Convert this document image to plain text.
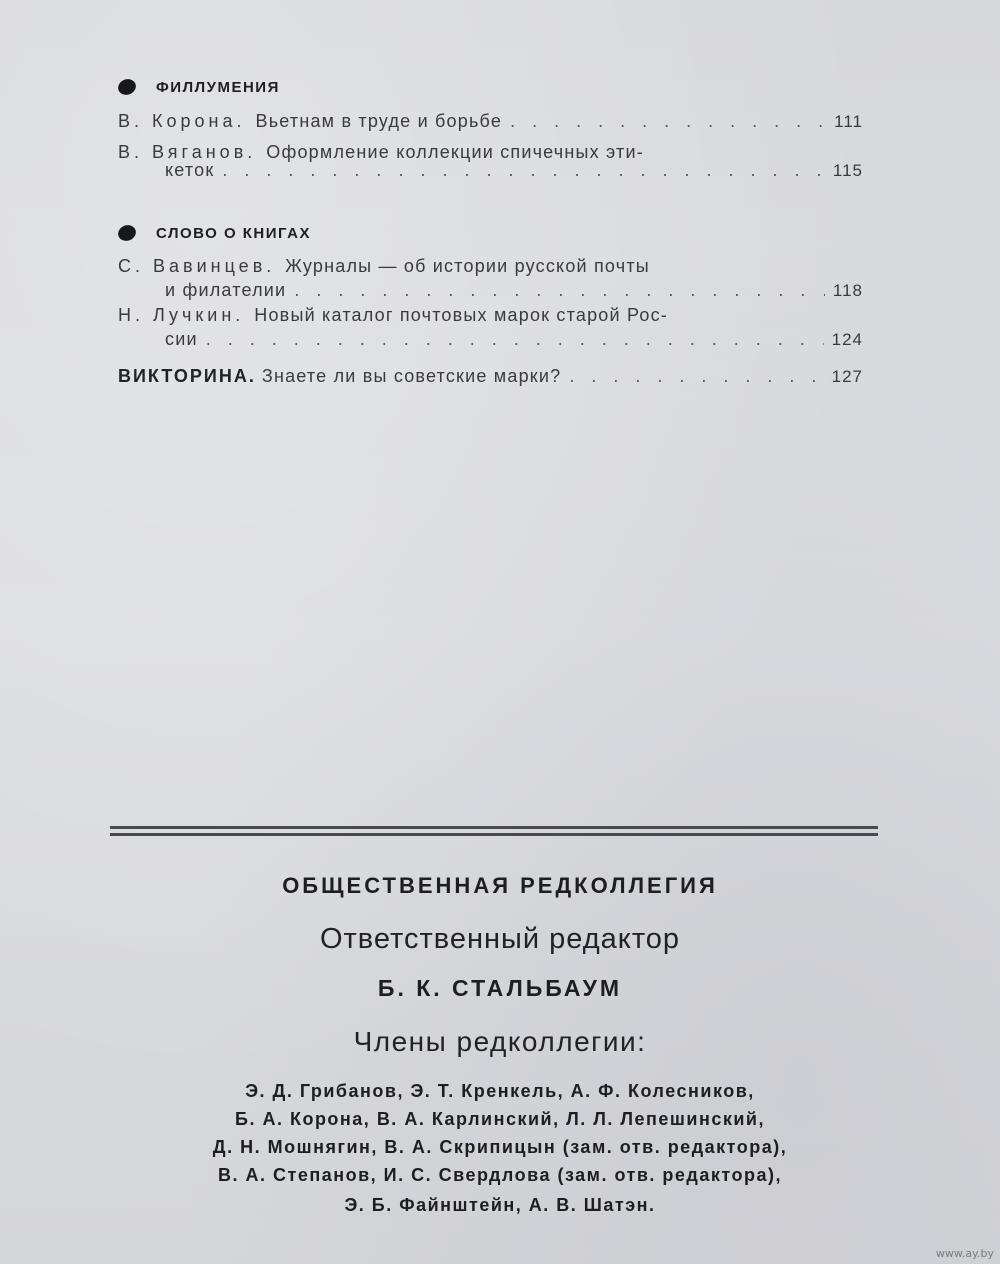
ФИЛЛУМЕНИЯ
В. Корона. Вьетнам в труде и борьбе . . .	111
В. Вяганов. Оформление коллекции спичечных эти-
кеток . . .	115
СЛОВО О КНИГАХ
С. Вавинцев. Журналы — об истории русской почты
и филателии . . .	118
Н. Лучкин. Новый каталог почтовых марок старой Рос-
сии . . .	124
ВИКТОРИНА. Знаете ли вы советские марки? . . .	127
ОБЩЕСТВЕННАЯ РЕДКОЛЛЕГИЯ
Ответственный редактор
Б. К. СТАЛЬБАУМ
Члены редколлегии:
Э. Д. Грибанов, Э. Т. Кренкель, А. Ф. Колесников,
Б. А. Корона, В. А. Карлинский, Л. Л. Лепешинский,
Д. Н. Мошнягин, В. А. Скрипицын (зам. отв. редактора),
В. А. Степанов, И. С. Свердлова (зам. отв. редактора),
Э. Б. Файнштейн, А. В. Шатэн.
www.ay.by
